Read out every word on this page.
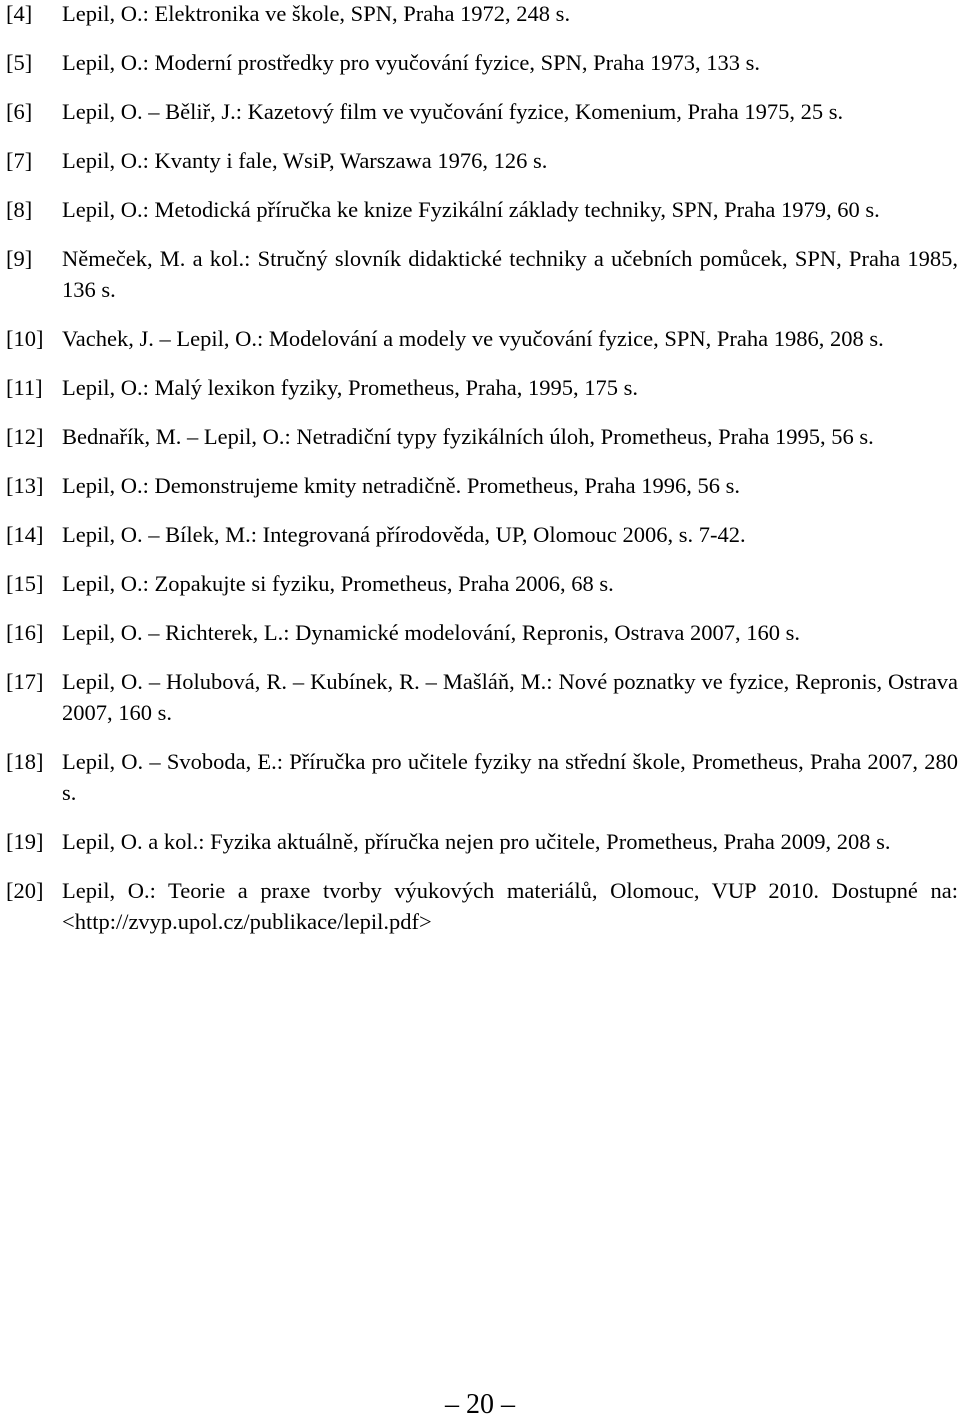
[4] Lepil, O.: Elektronika ve škole, SPN, Praha 1972, 248 s.
[5] Lepil, O.: Moderní prostředky pro vyučování fyzice, SPN, Praha 1973, 133 s.
[6] Lepil, O. – Běliř, J.: Kazetový film ve vyučování fyzice, Komenium, Praha 1975, 25 s.
[7] Lepil, O.: Kvanty i fale, WsiP, Warszawa 1976, 126 s.
[8] Lepil, O.: Metodická příručka ke knize Fyzikální základy techniky, SPN, Praha 1979, 60 s.
[9] Němeček, M. a kol.: Stručný slovník didaktické techniky a učebních pomůcek, SPN, Praha 1985, 136 s.
[10] Vachek, J. – Lepil, O.: Modelování a modely ve vyučování fyzice, SPN, Praha 1986, 208 s.
[11] Lepil, O.: Malý lexikon fyziky, Prometheus, Praha, 1995, 175 s.
[12] Bednařík, M. – Lepil, O.: Netradiční typy fyzikálních úloh, Prometheus, Praha 1995, 56 s.
[13] Lepil, O.: Demonstrujeme kmity netradičně. Prometheus, Praha 1996, 56 s.
[14] Lepil, O. – Bílek, M.: Integrovaná přírodověda, UP, Olomouc 2006, s. 7-42.
[15] Lepil, O.: Zopakujte si fyziku, Prometheus, Praha 2006, 68 s.
[16] Lepil, O. – Richterek, L.: Dynamické modelování, Repronis, Ostrava 2007, 160 s.
[17] Lepil, O. – Holubová, R. – Kubínek, R. – Mašláň, M.: Nové poznatky ve fyzice, Repronis, Ostrava 2007, 160 s.
[18] Lepil, O. – Svoboda, E.: Příručka pro učitele fyziky na střední škole, Prometheus, Praha 2007, 280 s.
[19] Lepil, O. a kol.: Fyzika aktuálně, příručka nejen pro učitele, Prometheus, Praha 2009, 208 s.
[20] Lepil, O.: Teorie a praxe tvorby výukových materiálů, Olomouc, VUP 2010. Dostupné na: <http://zvyp.upol.cz/publikace/lepil.pdf>
– 20 –
